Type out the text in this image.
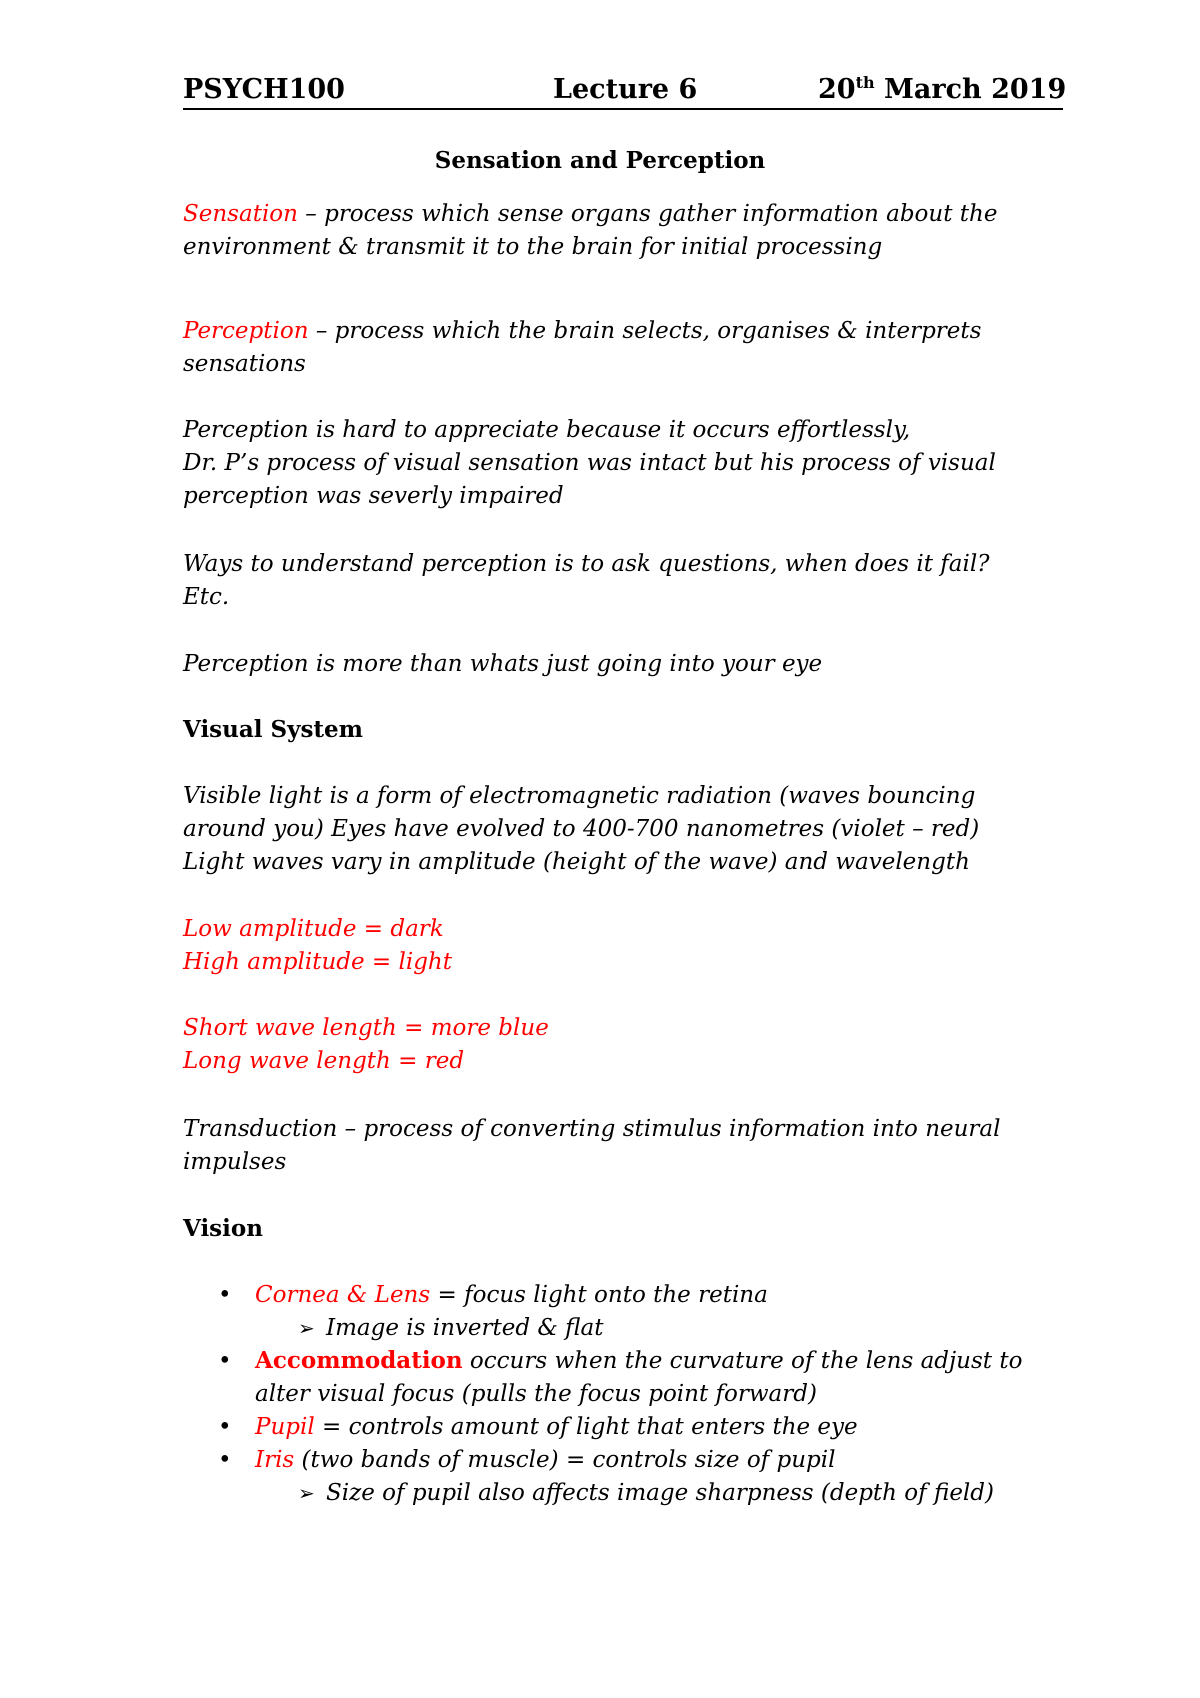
PSYCH100	Lecture 6	20th March 2019
Sensation and Perception
Sensation – process which sense organs gather information about the
environment & transmit it to the brain for initial processing
Perception – process which the brain selects, organises & interprets
sensations
Perception is hard to appreciate because it occurs effortlessly,
Dr. P’s process of visual sensation was intact but his process of visual
perception was severly impaired
Ways to understand perception is to ask questions, when does it fail?
Etc.
Perception is more than whats just going into your eye
Visual System
Visible light is a form of electromagnetic radiation (waves bouncing
around you) Eyes have evolved to 400-700 nanometres (violet – red)
Light waves vary in amplitude (height of the wave) and wavelength
Low amplitude = dark
High amplitude = light
Short wave length = more blue
Long wave length = red
Transduction – process of converting stimulus information into neural
impulses
Vision
• Cornea & Lens = focus light onto the retina
➢ Image is inverted & flat
• Accommodation occurs when the curvature of the lens adjust to
alter visual focus (pulls the focus point forward)
• Pupil = controls amount of light that enters the eye
• Iris (two bands of muscle) = controls size of pupil
➢ Size of pupil also affects image sharpness (depth of field)
